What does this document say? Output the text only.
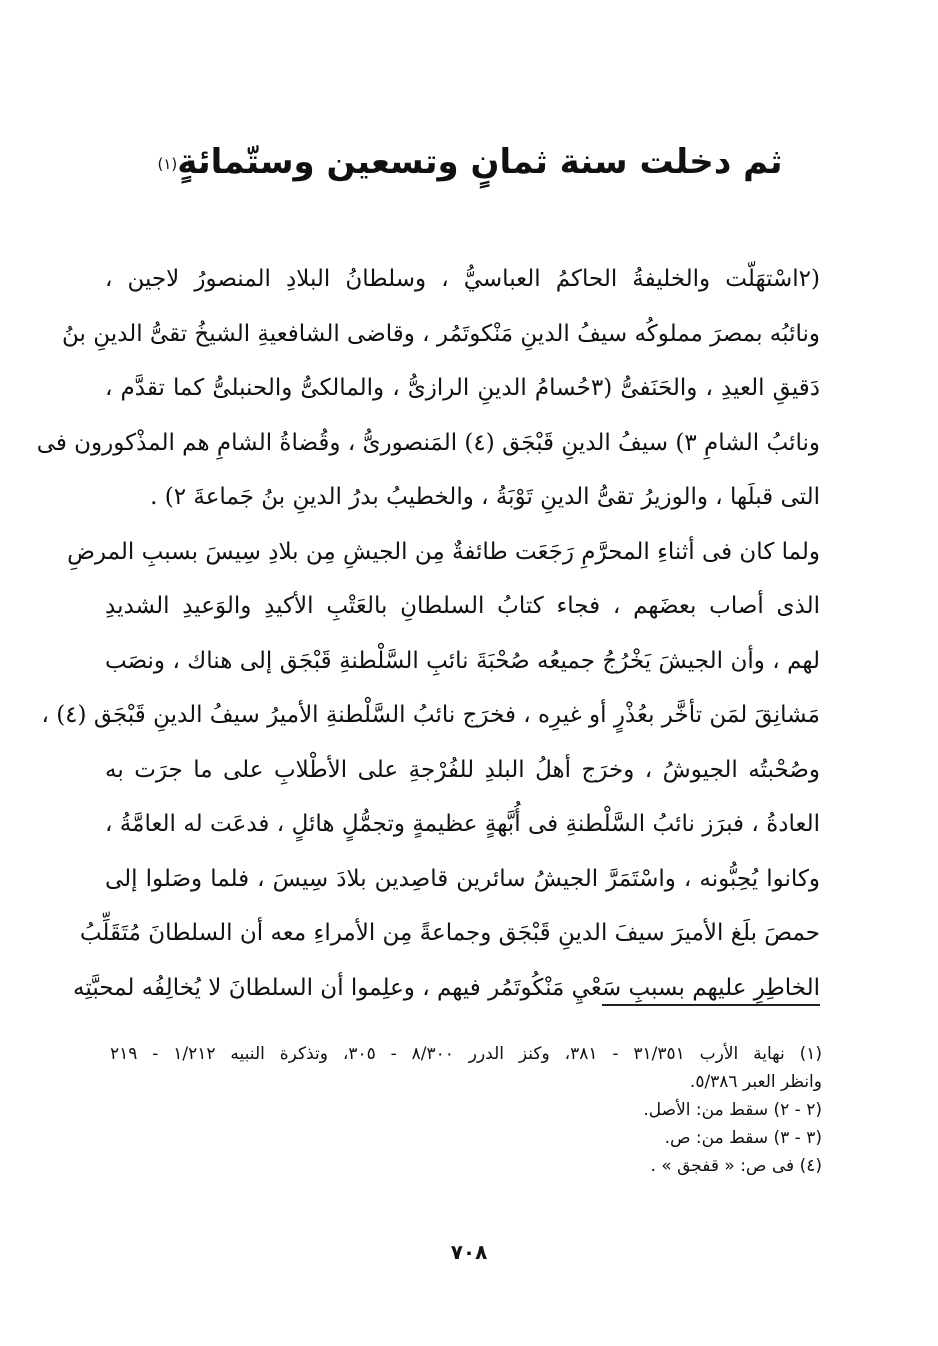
ثم دخلت سنة ثمانٍ وتسعين وستّمائةٍ$^{(١)}$
(٢اسْتهَلّت والخليفةُ الحاكمُ العباسيُّ ، وسلطانُ البلادِ المنصورُ لاجين ،
ونائبُه بمصرَ مملوكُه سيفُ الدينِ مَنْكوتَمُر ، وقاضى الشافعيةِ الشيخُ تقىُّ الدينِ بنُ
دَقيقِ العيدِ ، والحَنَفىُّ (٣حُسامُ الدينِ الرازىُّ ، والمالكىُّ والحنبلىُّ كما تقدَّم ،
ونائبُ الشامِ ٣) سيفُ الدينِ قَبْجَق (٤) المَنصورىُّ ، وقُضاةُ الشامِ هم المذْكورون فى
التى قبلَها ، والوزيرُ تقىُّ الدينِ تَوْبَةُ ، والخطيبُ بدرُ الدينِ بنُ جَماعةَ ٢) .
ولما كان فى أثناءِ المحرَّمِ رَجَعَت طائفةٌ مِن الجيشِ مِن بلادِ سِيسَ بسببِ المرضِ
الذى أصاب بعضَهم ، فجاء كتابُ السلطانِ بالعَتْبِ الأكيدِ والوَعيدِ الشديدِ
لهم ، وأن الجيشَ يَخْرُجُ جميعُه صُحْبَةَ نائبِ السَّلْطنةِ قَبْجَق إلى هناك ، ونصَب
مَشانِقَ لمَن تأخَّر بعُذْرٍ أو غيرِه ، فخرَج نائبُ السَّلْطنةِ الأميرُ سيفُ الدينِ قَبْجَق (٤) ،
وصُحْبتُه الجيوشُ ، وخرَج أهلُ البلدِ للفُرْجةِ على الأطْلابِ على ما جرَت به
العادةُ ، فبرَز نائبُ السَّلْطنةِ فى أُبَّهةٍ عظيمةٍ وتجمُّلٍ هائلٍ ، فدعَت له العامَّةُ ،
وكانوا يُحِبُّونه ، واسْتَمَرَّ الجيشُ سائرين قاصِدين بلادَ سِيسَ ، فلما وصَلوا إلى
حمصَ بلَغ الأميرَ سيفَ الدينِ قَبْجَق وجماعةً مِن الأمراءِ معه أن السلطانَ مُتَقَلِّبُ
الخاطِرِ عليهم بسببِ سَعْيِ مَنْكُوتَمُر فيهم ، وعلِموا أن السلطانَ لا يُخالِفُه لمحبَّتِه
(١) نهاية الأرب ٣١/٣٥١ - ٣٨١، وكنز الدرر ٨/٣٠٠ - ٣٠٥، وتذكرة النبيه ١/٢١٢ - ٢١٩
وانظر العبر ٥/٣٨٦.
(٢ - ٢) سقط من: الأصل.
(٣ - ٣) سقط من: ص.
(٤) فى ص: « قفجق » .
٧٠٨
